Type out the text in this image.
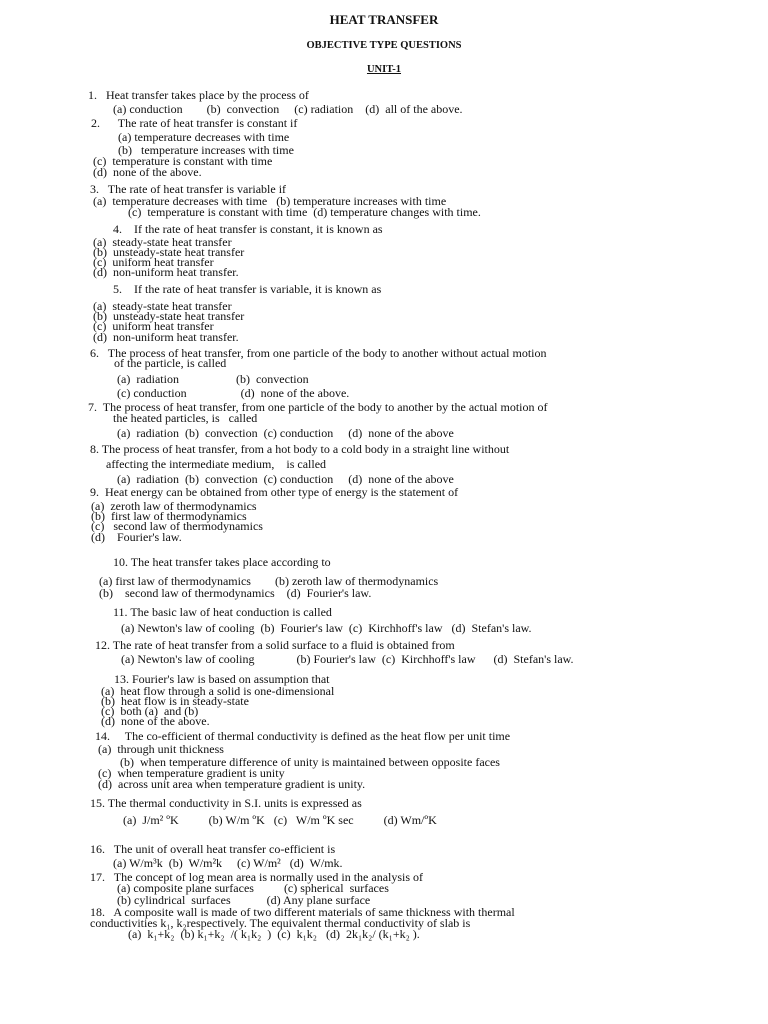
HEAT TRANSFER
OBJECTIVE TYPE QUESTIONS
UNIT-1
1.   Heat transfer takes place by the process of
(a) conduction        (b)  convection     (c) radiation    (d)  all of the above.
2.      The rate of heat transfer is constant if
(a) temperature decreases with time
(b)   temperature increases with time
(c)  temperature is constant with time
(d)  none of the above.
3.   The rate of heat transfer is variable if
(a)  temperature decreases with time   (b) temperature increases with time
(c)  temperature is constant with time  (d) temperature changes with time.
4.    If the rate of heat transfer is constant, it is known as
(a)  steady-state heat transfer
(b)  unsteady-state heat transfer
(c)  uniform heat transfer
(d)  non-uniform heat transfer.
5.    If the rate of heat transfer is variable, it is known as
(a)  steady-state heat transfer
(b)  unsteady-state heat transfer
(c)  uniform heat transfer
(d)  non-uniform heat transfer.
6.   The process of heat transfer, from one particle of the body to another without actual motion
of the particle, is called
(a)  radiation                   (b)  convection
(c) conduction                  (d)  none of the above.
7.  The process of heat transfer, from one particle of the body to another by the actual motion of
the heated particles, is   called
(a)  radiation  (b)  convection  (c) conduction     (d)  none of the above
8. The process of heat transfer, from a hot body to a cold body in a straight line without
affecting the intermediate medium,    is called
(a)  radiation  (b)  convection  (c) conduction     (d)  none of the above
9.  Heat energy can be obtained from other type of energy is the statement of
(a)  zeroth law of thermodynamics
(b)  first law of thermodynamics
(c)   second law of thermodynamics
(d)    Fourier's law.
10. The heat transfer takes place according to
(a) first law of thermodynamics        (b) zeroth law of thermodynamics
(b)    second law of thermodynamics    (d)  Fourier's law.
11. The basic law of heat conduction is called
(a) Newton's law of cooling  (b)  Fourier's law  (c)  Kirchhoff's law   (d)  Stefan's law.
12. The rate of heat transfer from a solid surface to a fluid is obtained from
(a) Newton's law of cooling              (b) Fourier's law  (c)  Kirchhoff's law      (d)  Stefan's law.
13. Fourier's law is based on assumption that
(a)  heat flow through a solid is one-dimensional
(b)  heat flow is in steady-state
(c)  both (a)  and (b)
(d)  none of the above.
14.     The co-efficient of thermal conductivity is defined as the heat flow per unit time
(a)  through unit thickness
(b)  when temperature difference of unity is maintained between opposite faces
(c)  when temperature gradient is unity
(d)  across unit area when temperature gradient is unity.
15. The thermal conductivity in S.I. units is expressed as
(a)  J/m² ºK          (b) W/m ºK   (c)   W/m ºK sec          (d) Wm/ºK
16.   The unit of overall heat transfer co-efficient is
(a) W/m³k  (b)  W/m²k     (c) W/m²   (d)  W/mk.
17.   The concept of log mean area is normally used in the analysis of
(a) composite plane surfaces          (c) spherical  surfaces
(b) cylindrical  surfaces            (d) Any plane surface
18.   A composite wall is made of two different materials of same thickness with thermal
conductivities k₁, k₂respectively. The equivalent thermal conductivity of slab is
(a)  k₁+k₂  (b) k₁+k₂  /( k₁k₂  )  (c)  k₁k₂   (d)  2k₁k₂/ (k₁+k₂ ).
